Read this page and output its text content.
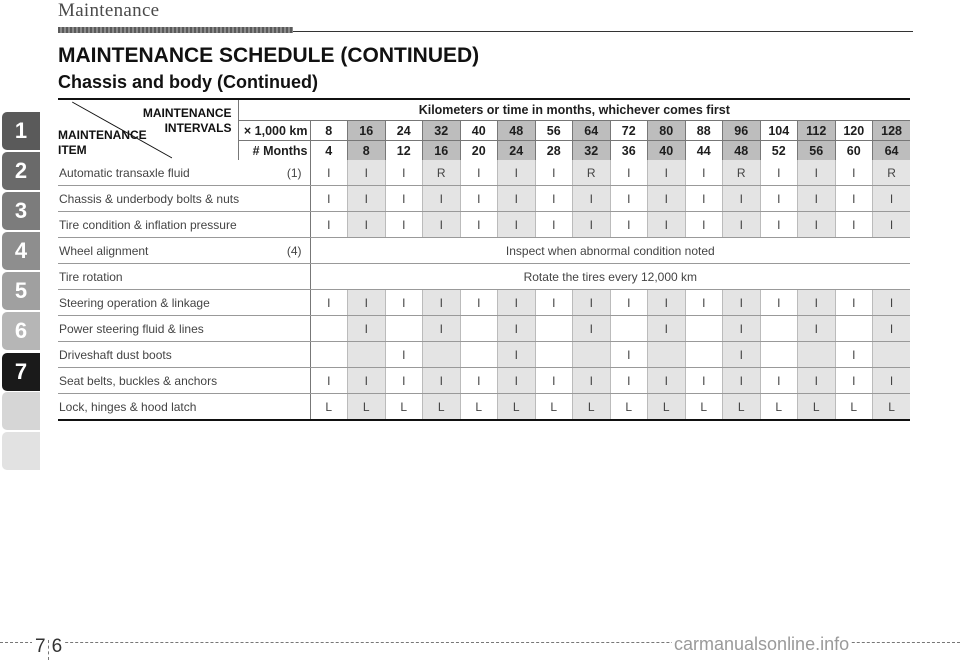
Maintenance
1
2
3
4
5
6
7
MAINTENANCE SCHEDULE (CONTINUED)
Chassis and body (Continued)
MAINTENANCE
INTERVALS
MAINTENANCE
ITEM	Kilometers or time in months, whichever comes first																
	× 1,000 km	8	16	24	32	40	48	56	64	72	80	88	96	104	112	120	128
	# Months	4	8	12	16	20	24	28	32	36	40	44	48	52	56	60	64

(1)
Automatic transaxle fluid		I	I	I	R	I	I	I	R	I	I	I	R	I	I	I	R

Chassis & underbody bolts & nuts		I	I	I	I	I	I	I	I	I	I	I	I	I	I	I	I

Tire condition & inflation pressure		I	I	I	I	I	I	I	I	I	I	I	I	I	I	I	I

(4)
Wheel alignment		Inspect when abnormal condition noted															

Tire rotation		Rotate the tires every 12,000 km															

Steering operation & linkage		I	I	I	I	I	I	I	I	I	I	I	I	I	I	I	I

Power steering fluid & lines			I		I		I		I		I		I		I		I

Driveshaft dust boots				I			I			I			I			I	

Seat belts, buckles & anchors		I	I	I	I	I	I	I	I	I	I	I	I	I	I	I	I

Lock, hinges & hood latch		L	L	L	L	L	L	L	L	L	L	L	L	L	L	L	L
7 6	carmanualsonline.info
